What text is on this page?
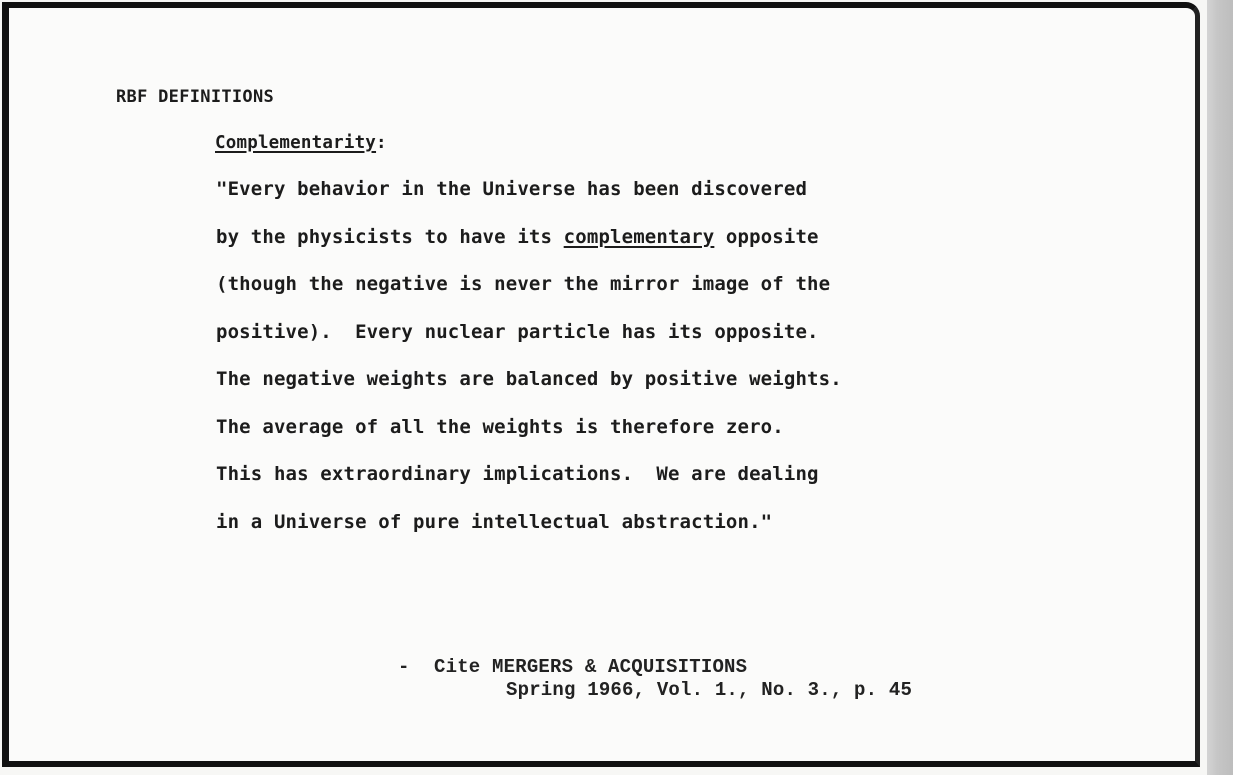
RBF DEFINITIONS
Complementarity:
"Every behavior in the Universe has been discovered
by the physicists to have its complementary opposite
(though the negative is never the mirror image of the
positive).  Every nuclear particle has its opposite.
The negative weights are balanced by positive weights.
The average of all the weights is therefore zero.
This has extraordinary implications.  We are dealing
in a Universe of pure intellectual abstraction."

-

Cite MERGERS & ACQUISITIONS

Spring 1966, Vol. 1., No. 3., p. 45
